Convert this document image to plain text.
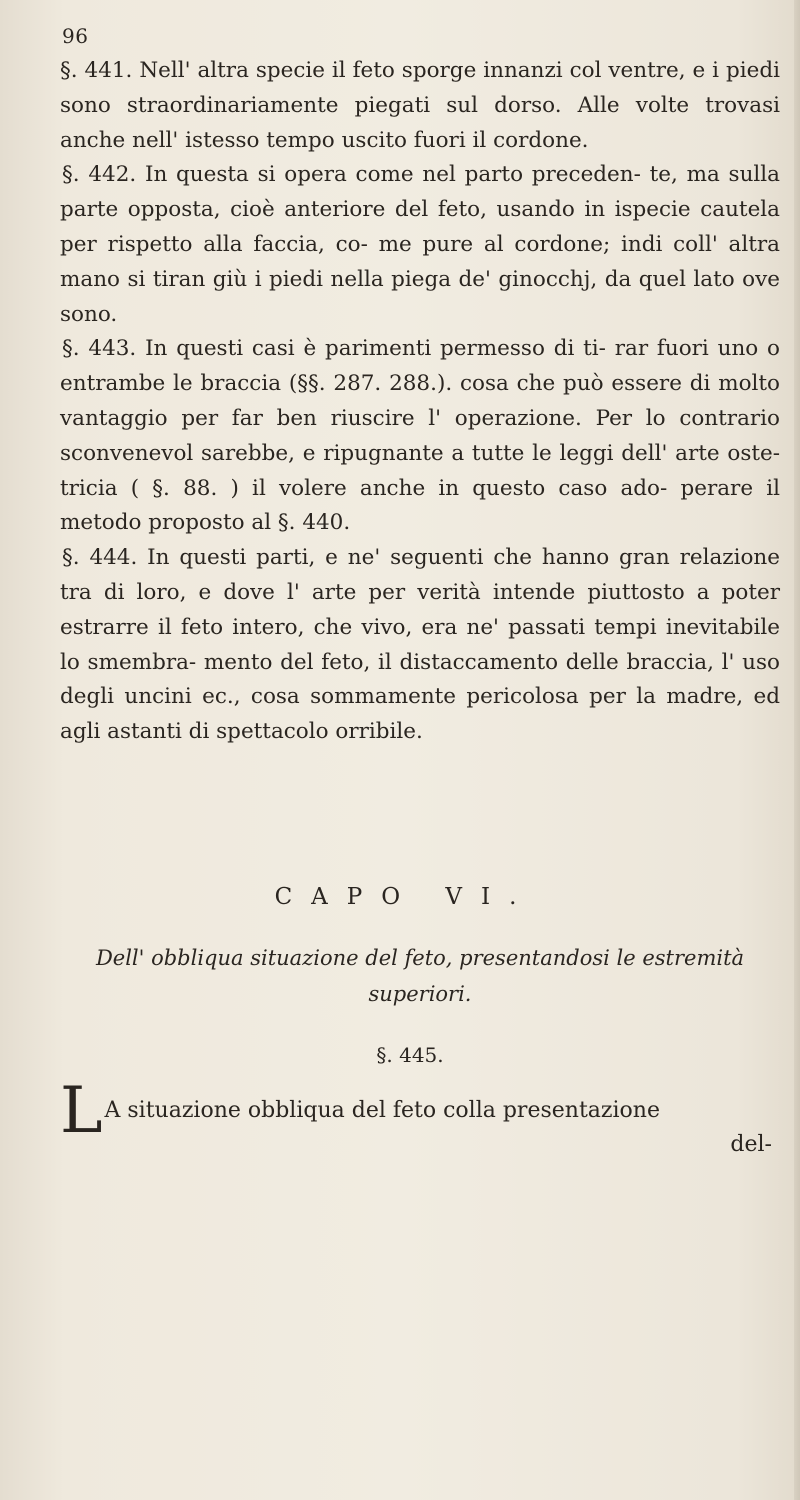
96

§. 441. Nell' altra specie il feto sporge innanzi col ventre, e i piedi sono straordinariamente piegati sul dorso. Alle volte trovasi anche nell' istesso tempo uscito fuori il cordone.

§. 442. In questa si opera come nel parto preceden- te, ma sulla parte opposta, cioè anteriore del feto, usando in ispecie cautela per rispetto alla faccia, co- me pure al cordone; indi coll' altra mano si tiran giù i piedi nella piega de' ginocchj, da quel lato ove sono.

§. 443. In questi casi è parimenti permesso di ti- rar fuori uno o entrambe le braccia (§§. 287. 288.). cosa che può essere di molto vantaggio per far ben riuscire l' operazione. Per lo contrario sconvenevol sarebbe, e ripugnante a tutte le leggi dell' arte oste- tricia ( §. 88. ) il volere anche in questo caso ado- perare il metodo proposto al §. 440.

§. 444. In questi parti, e ne' seguenti che hanno gran relazione tra di loro, e dove l' arte per verità intende piuttosto a poter estrarre il feto intero, che vivo, era ne' passati tempi inevitabile lo smembra- mento del feto, il distaccamento delle braccia, l' uso degli uncini ec., cosa sommamente pericolosa per la madre, ed agli astanti di spettacolo orribile.

CAPO VI.
Dell' obbliqua situazione del feto, presentandosi le estremità superiori.
§. 445.
L A situazione obbliqua del feto colla presentazione
del-
